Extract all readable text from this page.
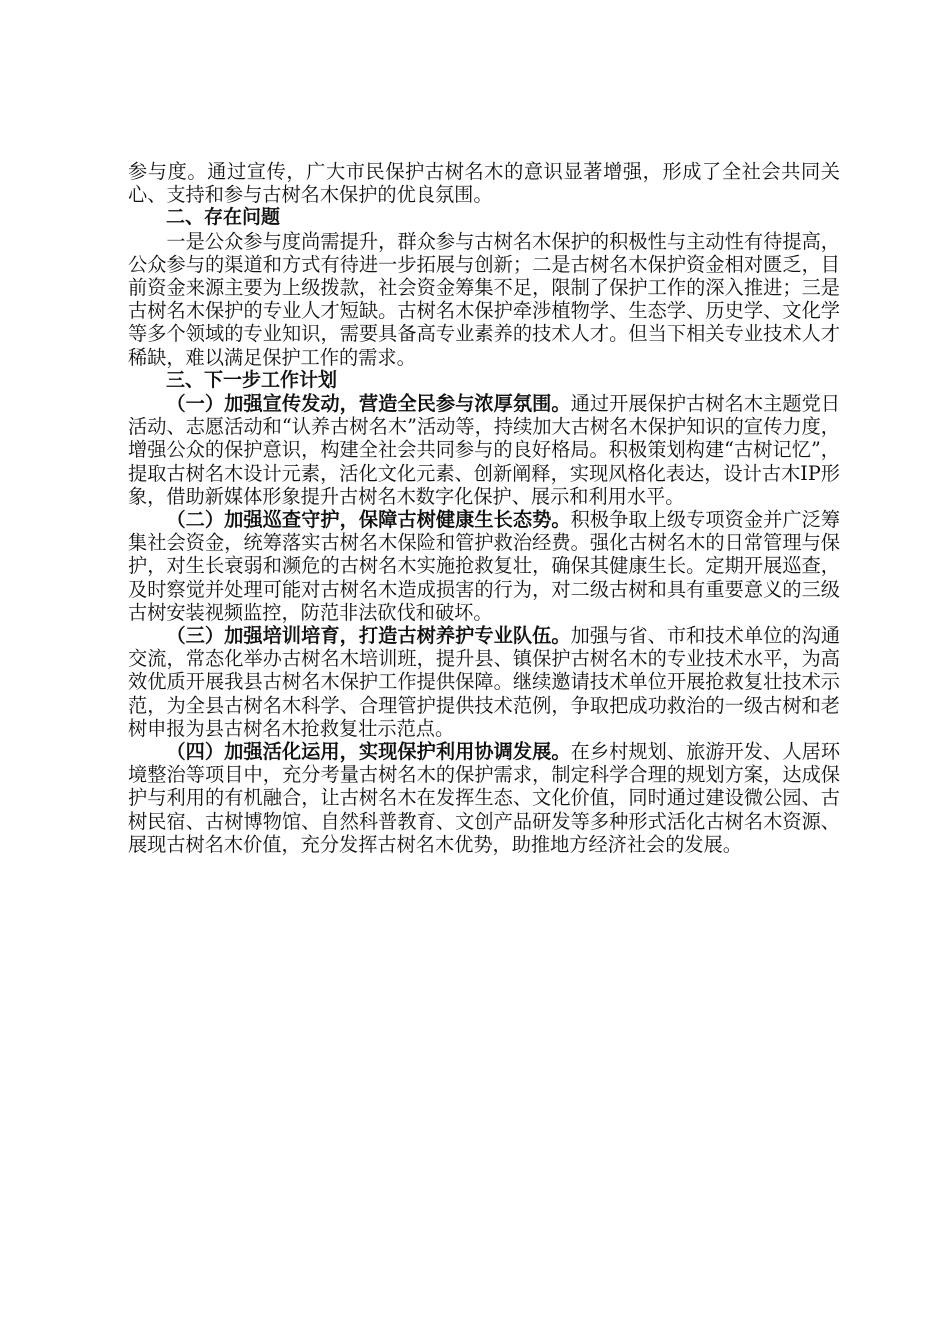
参与度。通过宣传，广大市民保护古树名木的意识显著增强，形成了全社会共同关心、支持和参与古树名木保护的优良氛围。

二、存在问题

一是公众参与度尚需提升，群众参与古树名木保护的积极性与主动性有待提高，公众参与的渠道和方式有待进一步拓展与创新；二是古树名木保护资金相对匮乏，目前资金来源主要为上级拨款，社会资金筹集不足，限制了保护工作的深入推进；三是古树名木保护的专业人才短缺。古树名木保护牵涉植物学、生态学、历史学、文化学等多个领域的专业知识，需要具备高专业素养的技术人才。但当下相关专业技术人才稀缺，难以满足保护工作的需求。

三、下一步工作计划

（一）加强宣传发动，营造全民参与浓厚氛围。通过开展保护古树名木主题党日活动、志愿活动和“认养古树名木”活动等，持续加大古树名木保护知识的宣传力度，增强公众的保护意识，构建全社会共同参与的良好格局。积极策划构建“古树记忆”，提取古树名木设计元素，活化文化元素、创新阐释，实现风格化表达，设计古木IP形象，借助新媒体形象提升古树名木数字化保护、展示和利用水平。

（二）加强巡查守护，保障古树健康生长态势。积极争取上级专项资金并广泛筹集社会资金，统筹落实古树名木保险和管护救治经费。强化古树名木的日常管理与保护，对生长衰弱和濒危的古树名木实施抢救复壮，确保其健康生长。定期开展巡查，及时察觉并处理可能对古树名木造成损害的行为，对二级古树和具有重要意义的三级古树安装视频监控，防范非法砍伐和破坏。

（三）加强培训培育，打造古树养护专业队伍。加强与省、市和技术单位的沟通交流，常态化举办古树名木培训班，提升县、镇保护古树名木的专业技术水平，为高效优质开展我县古树名木保护工作提供保障。继续邀请技术单位开展抢救复壮技术示范，为全县古树名木科学、合理管护提供技术范例，争取把成功救治的一级古树和老树申报为县古树名木抢救复壮示范点。

（四）加强活化运用，实现保护利用协调发展。在乡村规划、旅游开发、人居环境整治等项目中，充分考量古树名木的保护需求，制定科学合理的规划方案，达成保护与利用的有机融合，让古树名木在发挥生态、文化价值，同时通过建设微公园、古树民宿、古树博物馆、自然科普教育、文创产品研发等多种形式活化古树名木资源、展现古树名木价值，充分发挥古树名木优势，助推地方经济社会的发展。
